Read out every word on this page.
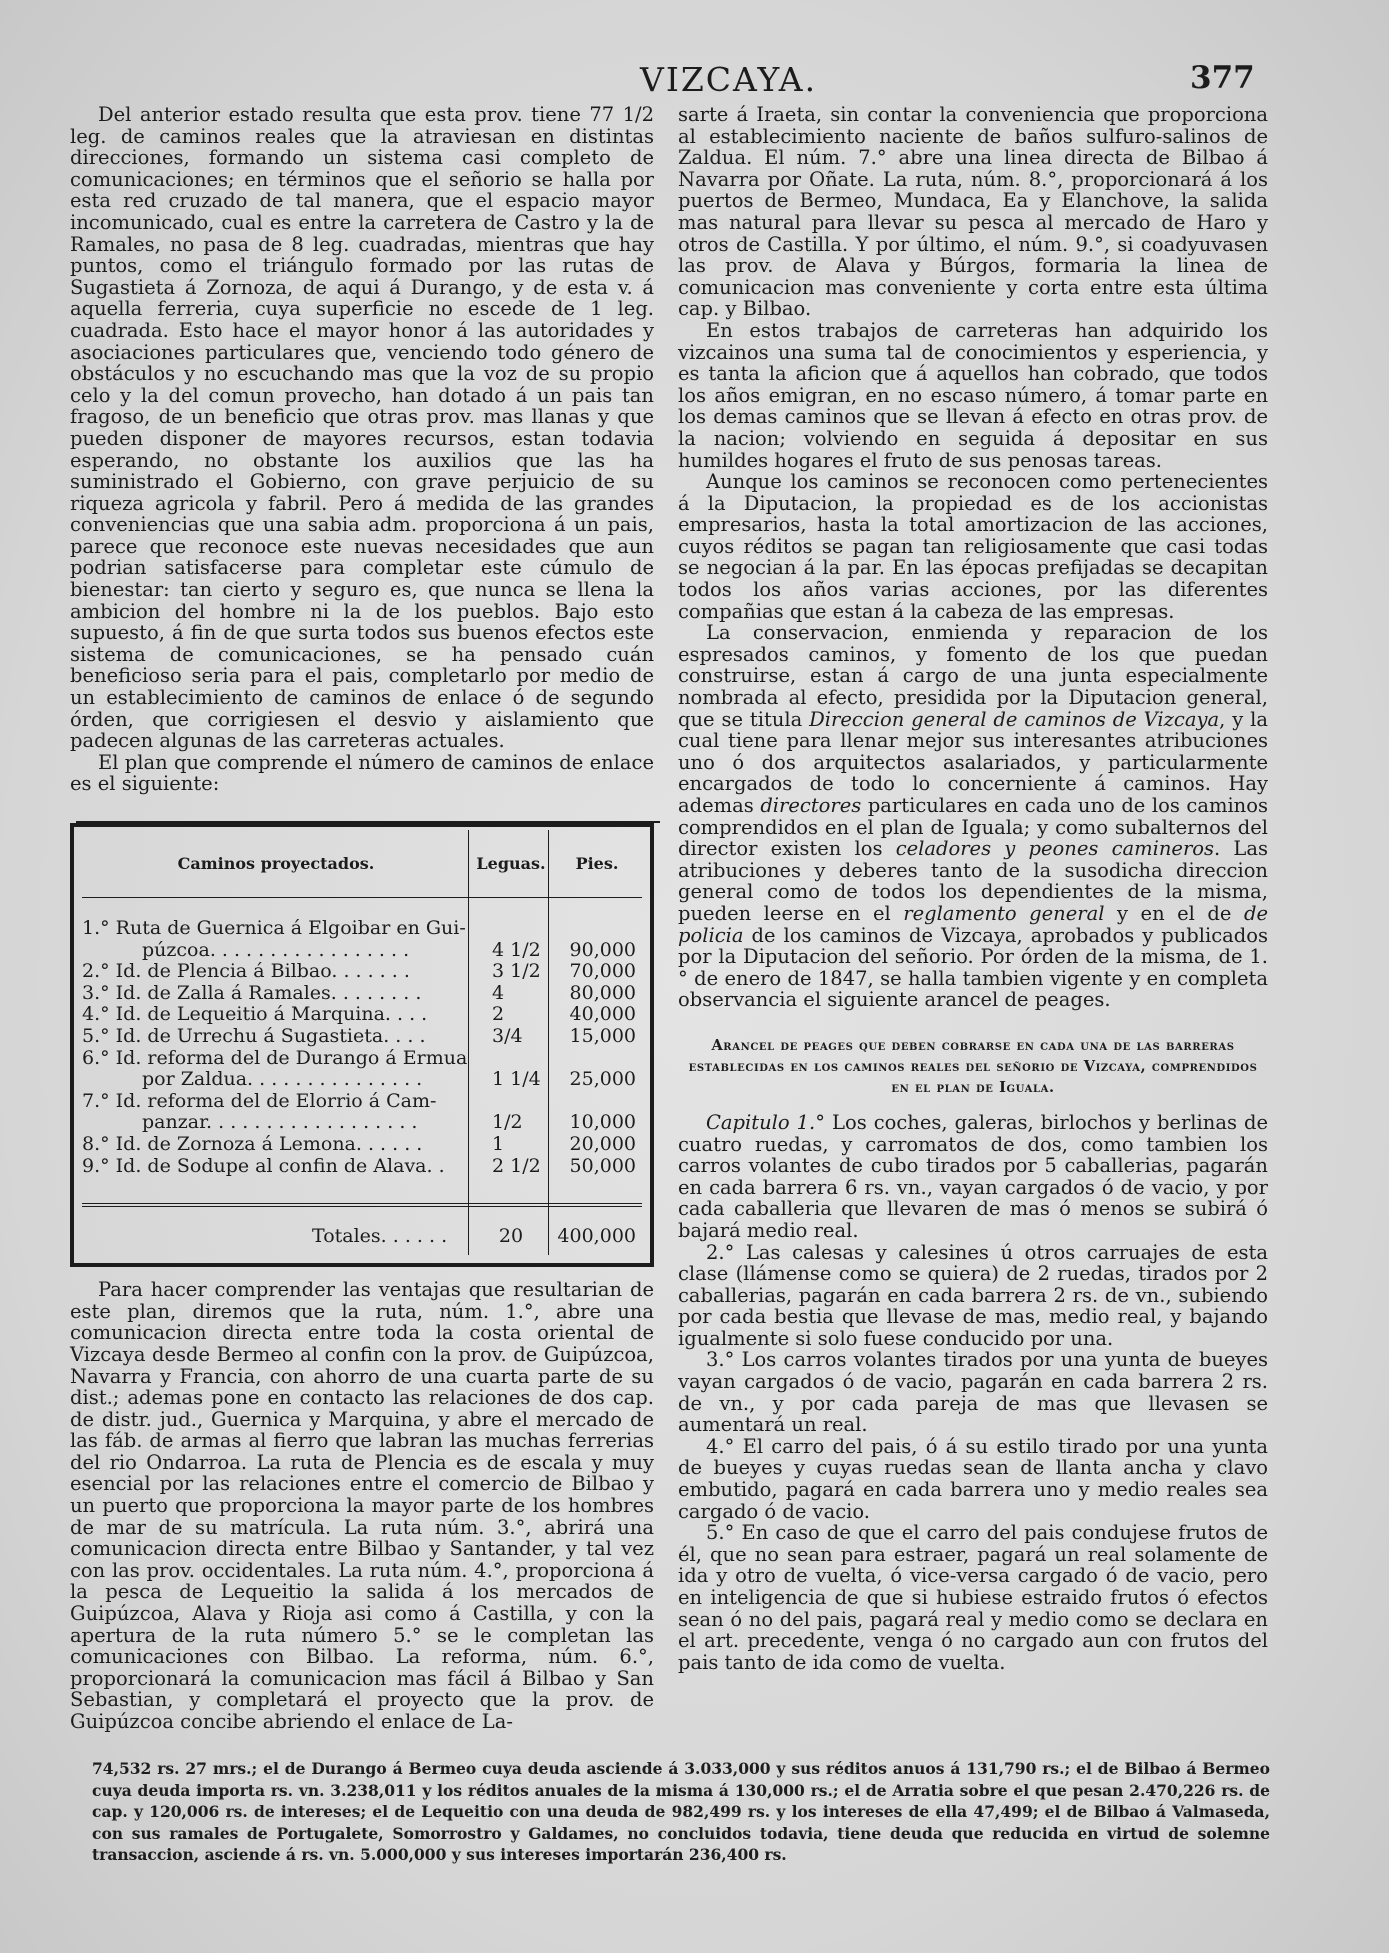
VIZCAYA.	377

Del anterior estado resulta que esta prov. tiene 77 1/2 leg. de caminos reales que la atraviesan en distintas direcciones, formando un sistema casi completo de comunicaciones; en términos que el señorio se halla por esta red cruzado de tal manera, que el espacio mayor incomunicado, cual es entre la carretera de Castro y la de Ramales, no pasa de 8 leg. cuadradas, mientras que hay puntos, como el triángulo formado por las rutas de Sugastieta á Zornoza, de aqui á Durango, y de esta v. á aquella ferreria, cuya superficie no escede de 1 leg. cuadrada. Esto hace el mayor honor á las autoridades y asociaciones particulares que, venciendo todo género de obstáculos y no escuchando mas que la voz de su propio celo y la del comun provecho, han dotado á un pais tan fragoso, de un beneficio que otras prov. mas llanas y que pueden disponer de mayores recursos, estan todavia esperando, no obstante los auxilios que las ha suministrado el Gobierno, con grave perjuicio de su riqueza agricola y fabril. Pero á medida de las grandes conveniencias que una sabia adm. proporciona á un pais, parece que reconoce este nuevas necesidades que aun podrian satisfacerse para completar este cúmulo de bienestar: tan cierto y seguro es, que nunca se llena la ambicion del hombre ni la de los pueblos. Bajo esto supuesto, á fin de que surta todos sus buenos efectos este sistema de comunicaciones, se ha pensado cuán beneficioso seria para el pais, completarlo por medio de un establecimiento de caminos de enlace ó de segundo órden, que corrigiesen el desvio y aislamiento que padecen algunas de las carreteras actuales.

El plan que comprende el número de caminos de enlace es el siguiente:

Caminos proyectados.	Leguas.	Pies.
1.° Ruta de Guernica á Elgoibar en Gui-
púzcoa. . . . . . . . . . . . . . . . .	4 1/2	90,000
2.° Id. de Plencia á Bilbao. . . . . . .	3 1/2	70,000
3.° Id. de Zalla á Ramales. . . . . . . .	4	80,000
4.° Id. de Lequeitio á Marquina. . . .	2	40,000
5.° Id. de Urrechu á Sugastieta. . . .	3/4	15,000
6.° Id. reforma del de Durango á Ermua
por Zaldua. . . . . . . . . . . . . . .	1 1/4	25,000
7.° Id. reforma del de Elorrio á Cam-
panzar. . . . . . . . . . . . . . . . . .	1/2	10,000
8.° Id. de Zornoza á Lemona. . . . . .	1	20,000
9.° Id. de Sodupe al confin de Alava. .	2 1/2	50,000
Totales. . . . . .	20	400,000

Para hacer comprender las ventajas que resultarian de este plan, diremos que la ruta, núm. 1.°, abre una comunicacion directa entre toda la costa oriental de Vizcaya desde Bermeo al confin con la prov. de Guipúzcoa, Navarra y Francia, con ahorro de una cuarta parte de su dist.; ademas pone en contacto las relaciones de dos cap. de distr. jud., Guernica y Marquina, y abre el mercado de las fáb. de armas al fierro que labran las muchas ferrerias del rio Ondarroa. La ruta de Plencia es de escala y muy esencial por las relaciones entre el comercio de Bilbao y un puerto que proporciona la mayor parte de los hombres de mar de su matrícula. La ruta núm. 3.°, abrirá una comunicacion directa entre Bilbao y Santander, y tal vez con las prov. occidentales. La ruta núm. 4.°, proporciona á la pesca de Lequeitio la salida á los mercados de Guipúzcoa, Alava y Rioja asi como á Castilla, y con la apertura de la ruta número 5.° se le completan las comunicaciones con Bilbao. La reforma, núm. 6.°, proporcionará la comunicacion mas fácil á Bilbao y San Sebastian, y completará el proyecto que la prov. de Guipúzcoa concibe abriendo el enlace de La-

sarte á Iraeta, sin contar la conveniencia que proporciona al establecimiento naciente de baños sulfuro-salinos de Zaldua. El núm. 7.° abre una linea directa de Bilbao á Navarra por Oñate. La ruta, núm. 8.°, proporcionará á los puertos de Bermeo, Mundaca, Ea y Elanchove, la salida mas natural para llevar su pesca al mercado de Haro y otros de Castilla. Y por último, el núm. 9.°, si coadyuvasen las prov. de Alava y Búrgos, formaria la linea de comunicacion mas conveniente y corta entre esta última cap. y Bilbao.

En estos trabajos de carreteras han adquirido los vizcainos una suma tal de conocimientos y esperiencia, y es tanta la aficion que á aquellos han cobrado, que todos los años emigran, en no escaso número, á tomar parte en los demas caminos que se llevan á efecto en otras prov. de la nacion; volviendo en seguida á depositar en sus humildes hogares el fruto de sus penosas tareas.

Aunque los caminos se reconocen como pertenecientes á la Diputacion, la propiedad es de los accionistas empresarios, hasta la total amortizacion de las acciones, cuyos réditos se pagan tan religiosamente que casi todas se negocian á la par. En las épocas prefijadas se decapitan todos los años varias acciones, por las diferentes compañias que estan á la cabeza de las empresas.

La conservacion, enmienda y reparacion de los espresados caminos, y fomento de los que puedan construirse, estan á cargo de una junta especialmente nombrada al efecto, presidida por la Diputacion general, que se titula Direccion general de caminos de Vizcaya, y la cual tiene para llenar mejor sus interesantes atribuciones uno ó dos arquitectos asalariados, y particularmente encargados de todo lo concerniente á caminos. Hay ademas directores particulares en cada uno de los caminos comprendidos en el plan de Iguala; y como subalternos del director existen los celadores y peones camineros. Las atribuciones y deberes tanto de la susodicha direccion general como de todos los dependientes de la misma, pueden leerse en el reglamento general y en el de de policia de los caminos de Vizcaya, aprobados y publicados por la Diputacion del señorio. Por órden de la misma, de 1.° de enero de 1847, se halla tambien vigente y en completa observancia el siguiente arancel de peages.

Arancel de peages que deben cobrarse en cada una de las barreras establecidas en los caminos reales del señorio de Vizcaya, comprendidos en el plan de Iguala.

Capitulo 1.° Los coches, galeras, birlochos y berlinas de cuatro ruedas, y carromatos de dos, como tambien los carros volantes de cubo tirados por 5 caballerias, pagarán en cada barrera 6 rs. vn., vayan cargados ó de vacio, y por cada caballeria que llevaren de mas ó menos se subirá ó bajará medio real.

2.° Las calesas y calesines ú otros carruajes de esta clase (llámense como se quiera) de 2 ruedas, tirados por 2 caballerias, pagarán en cada barrera 2 rs. de vn., subiendo por cada bestia que llevase de mas, medio real, y bajando igualmente si solo fuese conducido por una.

3.° Los carros volantes tirados por una yunta de bueyes vayan cargados ó de vacio, pagarán en cada barrera 2 rs. de vn., y por cada pareja de mas que llevasen se aumentará un real.

4.° El carro del pais, ó á su estilo tirado por una yunta de bueyes y cuyas ruedas sean de llanta ancha y clavo embutido, pagará en cada barrera uno y medio reales sea cargado ó de vacio.

5.° En caso de que el carro del pais condujese frutos de él, que no sean para estraer, pagará un real solamente de ida y otro de vuelta, ó vice-versa cargado ó de vacio, pero en inteligencia de que si hubiese estraido frutos ó efectos sean ó no del pais, pagará real y medio como se declara en el art. precedente, venga ó no cargado aun con frutos del pais tanto de ida como de vuelta.

74,532 rs. 27 mrs.; el de Durango á Bermeo cuya deuda asciende á 3.033,000 y sus réditos anuos á 131,790 rs.; el de Bilbao á Bermeo cuya deuda importa rs. vn. 3.238,011 y los réditos anuales de la misma á 130,000 rs.; el de Arratia sobre el que pesan 2.470,226 rs. de cap. y 120,006 rs. de intereses; el de Lequeitio con una deuda de 982,499 rs. y los intereses de ella 47,499; el de Bilbao á Valmaseda, con sus ramales de Portugalete, Somorrostro y Galdames, no concluidos todavia, tiene deuda que reducida en virtud de solemne transaccion, asciende á rs. vn. 5.000,000 y sus intereses importarán 236,400 rs.
